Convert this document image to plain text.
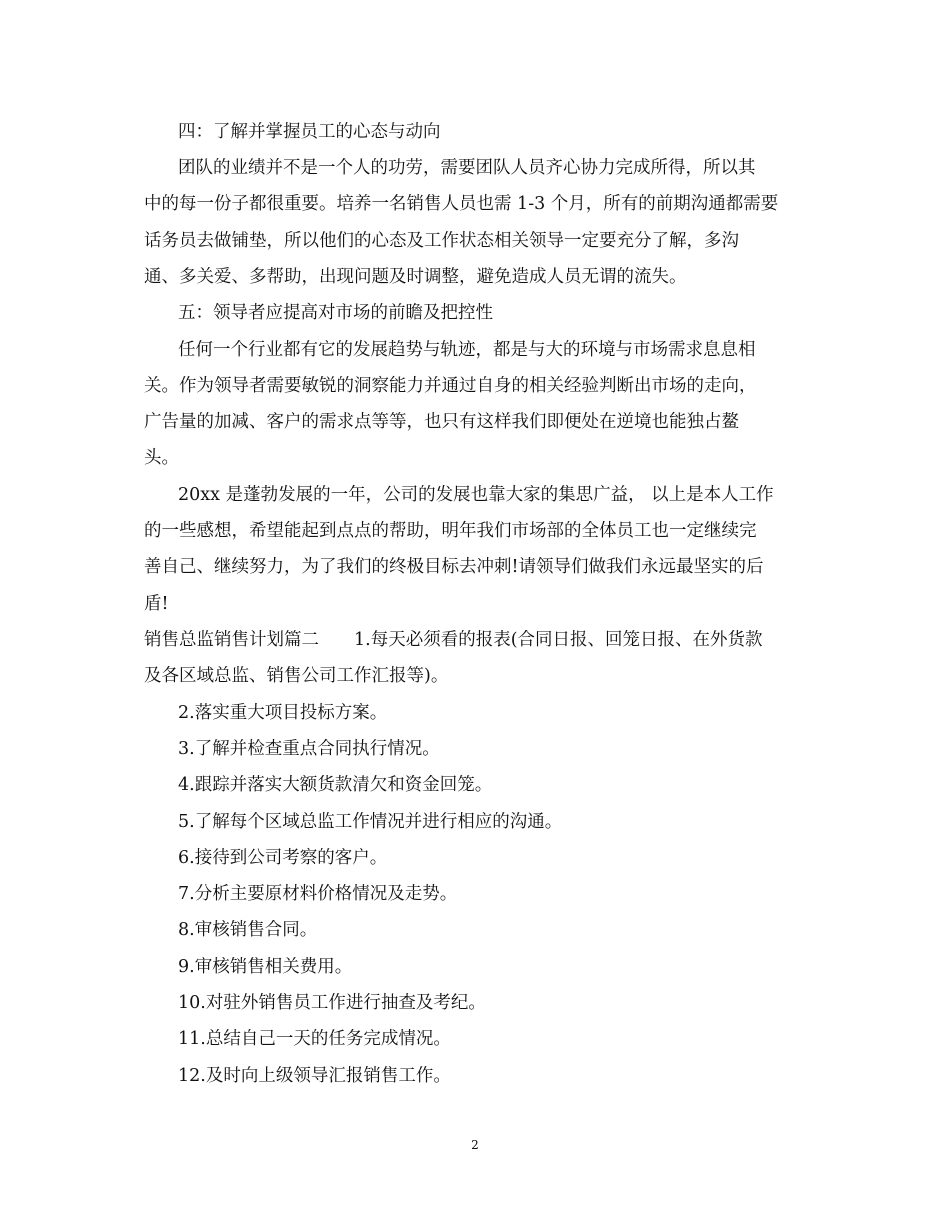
四：了解并掌握员工的心态与动向
团队的业绩并不是一个人的功劳，需要团队人员齐心协力完成所得，所以其
中的每一份子都很重要。培养一名销售人员也需 1-3 个月，所有的前期沟通都需要
话务员去做铺垫，所以他们的心态及工作状态相关领导一定要充分了解，多沟
通、多关爱、多帮助，出现问题及时调整，避免造成人员无谓的流失。
五：领导者应提高对市场的前瞻及把控性
任何一个行业都有它的发展趋势与轨迹，都是与大的环境与市场需求息息相
关。作为领导者需要敏锐的洞察能力并通过自身的相关经验判断出市场的走向，
广告量的加减、客户的需求点等等，也只有这样我们即便处在逆境也能独占鳌
头。
20xx 是蓬勃发展的一年，公司的发展也靠大家的集思广益， 以上是本人工作
的一些感想，希望能起到点点的帮助，明年我们市场部的全体员工也一定继续完
善自己、继续努力，为了我们的终极目标去冲刺!请领导们做我们永远最坚实的后
盾!
销售总监销售计划篇二　　1.每天必须看的报表(合同日报、回笼日报、在外货款
及各区域总监、销售公司工作汇报等)。
2.落实重大项目投标方案。
3.了解并检查重点合同执行情况。
4.跟踪并落实大额货款清欠和资金回笼。
5.了解每个区域总监工作情况并进行相应的沟通。
6.接待到公司考察的客户。
7.分析主要原材料价格情况及走势。
8.审核销售合同。
9.审核销售相关费用。
10.对驻外销售员工作进行抽查及考纪。
11.总结自己一天的任务完成情况。
12.及时向上级领导汇报销售工作。
2
